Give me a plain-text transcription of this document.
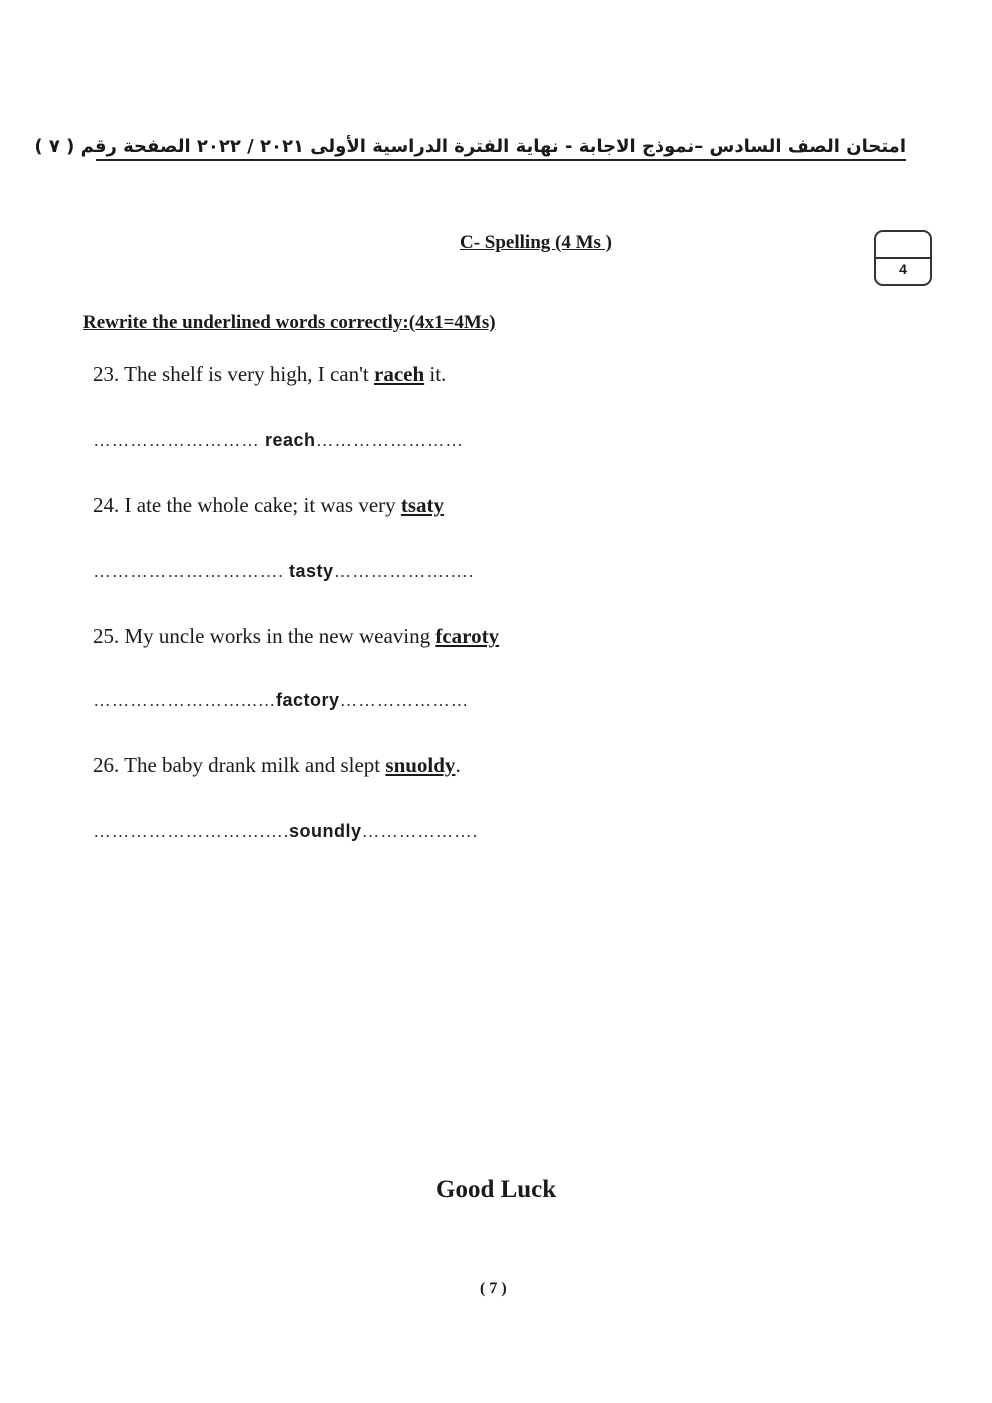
امتحان الصف السادس –نموذج الاجابة - نهاية الفترة الدراسية الأولى ٢٠٢١ / ٢٠٢٢ الصفحة رقم ( ٧ )
C- Spelling (4 Ms )
4
Rewrite the underlined words correctly:(4x1=4Ms)
23. The shelf is very high, I can't raceh it.
……………………… reach……………………
24. I ate the whole cake; it was very tsaty
…………………………. tasty……………….….
25. My uncle works in the new weaving fcaroty
……………………...…factory…………………
26. The baby drank milk and slept snuoldy.
……………………….….soundly……………….
Good Luck
( 7 )
